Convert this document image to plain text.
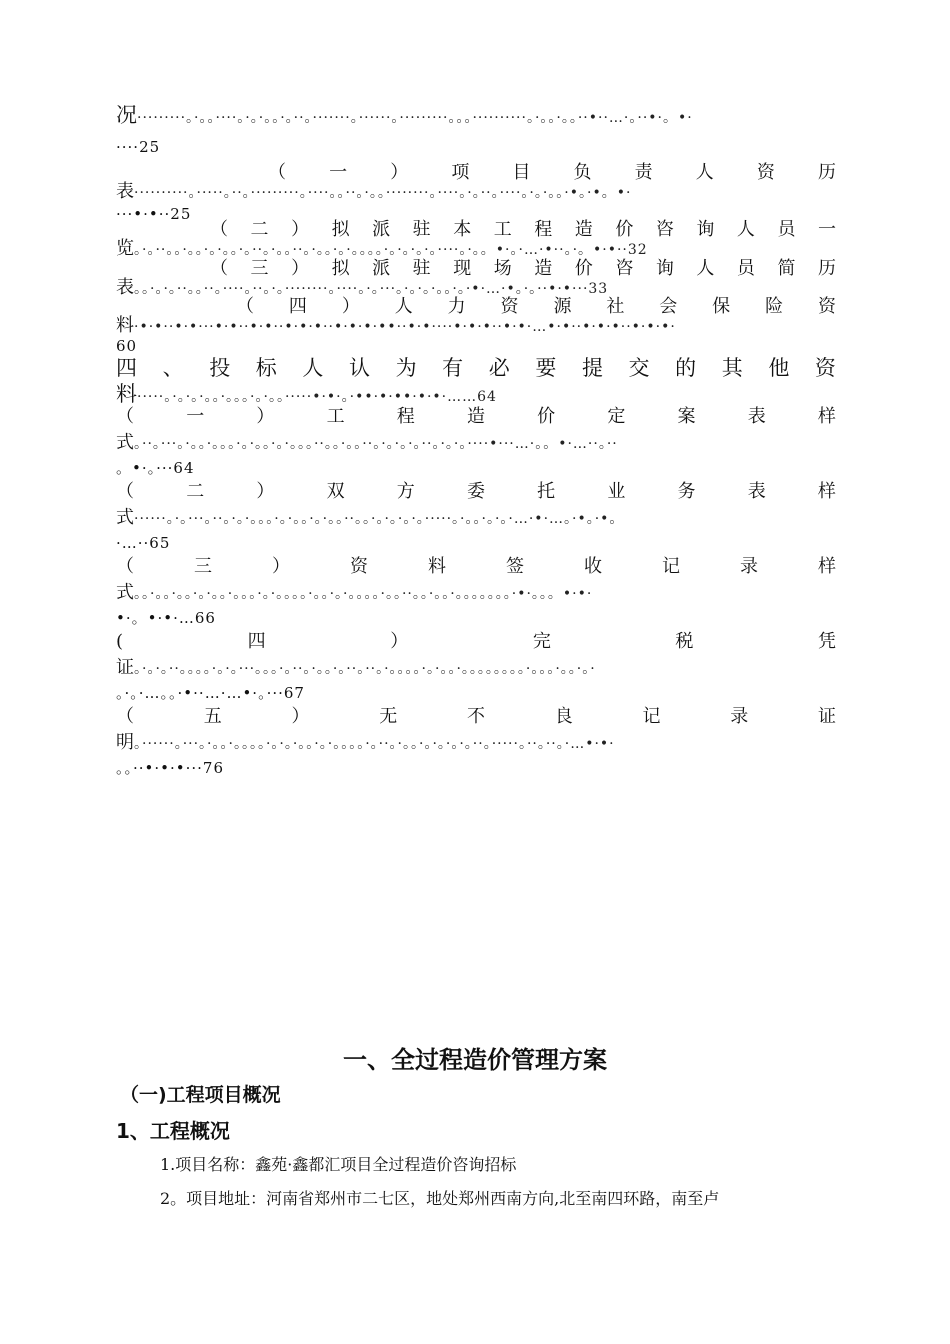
况·········。·。。····。·。·。。·。··。·······。······。·········。。。··········。·。。·。。··•··…·。··•·。•·
····25
（ 一 ） 项 目 负 责 人 资 历
表··········。·····。··。·········。····。。··。·。。········。····。·。··。····。·。·。。·•。·•。•·
···•·•··25
（ 二 ） 拟 派 驻 本 工 程 造 价 咨 询 人 员 一
览。·。··。。·。。·。·。。·。··。·。。··。·。。·。·。。。。·。·。·。·。····。·。。•·。·…·•··。·。•·•··32
（ 三 ） 拟 派 驻 现 场 造 价 咨 询 人 员 简 历
表。。·。·。··。。··。····。··。·。········。····。·。···。·。·。·。。·。·•·…·•。·。··•·•···33
（ 四 ） 人 力 资 源 社 会 保 险 资
料·•·•··•·•···•·•··•·•··•·•·•··•·•·•·••··•·•····•·•·•··•·•·…•·•··•·•·•··•·•·•·
60
四 、 投 标 人 认 为 有 必 要 提 交 的 其 他 资
料·····。·。·。·。。·。。。·。·。。·····•·•·。·••·•·••·•·•·……64
（	一	）	工	程	造	价	定	案	表	样
式。··。···。·。。·。。。·。·。。·。·。。。··。。·。。··。·。·。·。··。·。·。····•···…·。。•·…··。··
。•·。···64
（	二	）	双	方	委	托	业	务	表	样
式······。·。···。··。·。·。。。·。·。。·。·。。··。。·。·。·。·。·····。·。。·。·。·…·•·…。·•。·•。
·…··65
（	三	）	资	料	签	收	记	录	样
式。。·。。·。。·。·。。·。。。·。·。。。。·。。·。·。。。。·。。··。。·。。·。。。。。。。·•·。。。•·•·
•·。•·•·…66
(	四	）	完	税	凭
证。·。·。··。。。。·。·。···。。。·。··。·。。·。··。··。·。。。。·。·。。·。。。。。。。。·。。。·。。·。·
。·。·…。。·•··…·…•·。···67
（	五	）	无	不	良	记	录	证
明。······。···。·。。·。。。。·。·。·。。·。·。。。。·。··。·。。·。·。·。·。··。·····。··。··。·…•·•·
。。··•·•·•···76
一、全过程造价管理方案
（一)工程项目概况
1、工程概况

1.项目名称：鑫苑·鑫都汇项目全过程造价咨询招标

2。项目地址：河南省郑州市二七区，地处郑州西南方向,北至南四环路，南至卢
